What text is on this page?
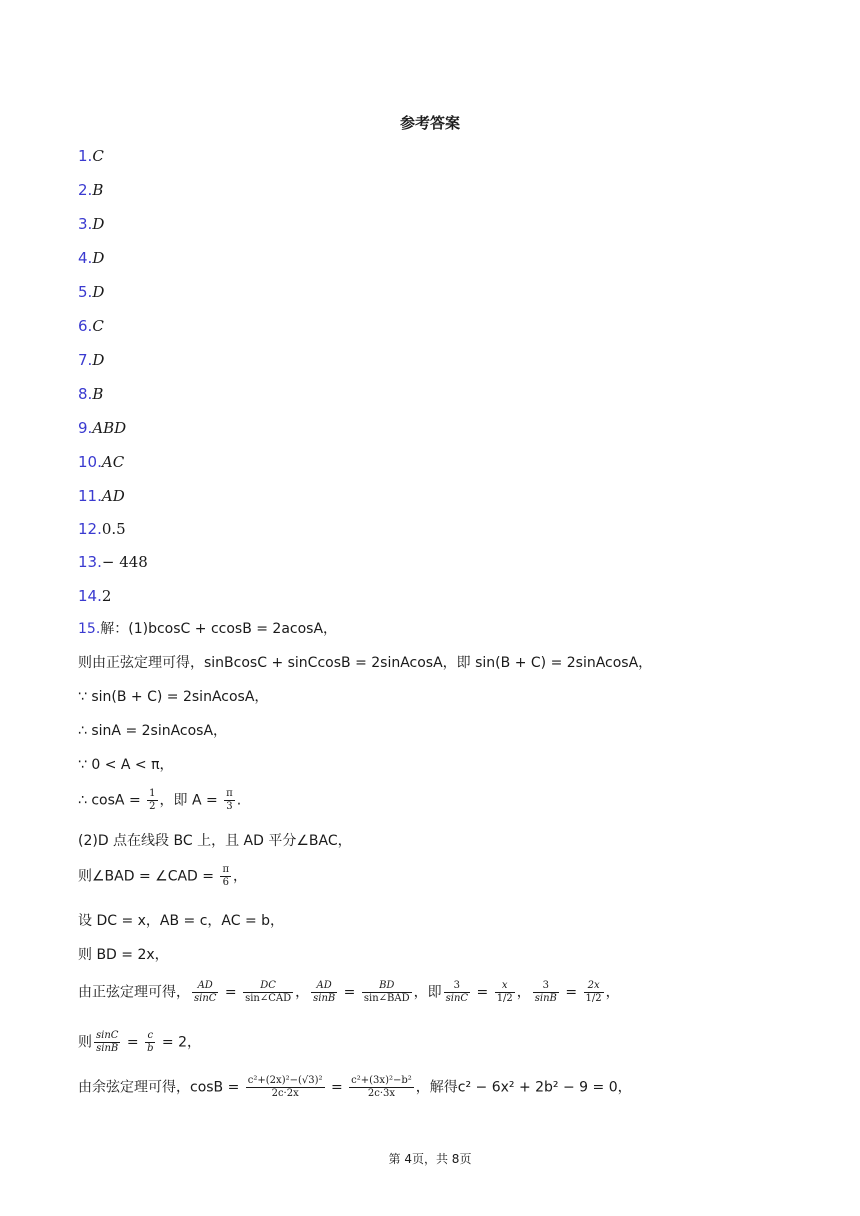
参考答案
1.C
2.B
3.D
4.D
5.D
6.C
7.D
8.B
9.ABD
10.AC
11.AD
12.0.5
13.− 448
14.2
15.解：(1)bcosC + ccosB = 2acosA，
则由正弦定理可得，sinBcosC + sinCcosB = 2sinAcosA，即 sin(B + C) = 2sinAcosA，
∵ sin(B + C) = 2sinAcosA，
∴ sinA = 2sinAcosA，
∵ 0 < A < π，
∴ $\cos A = \frac{1}{2}$ ，即 $A = \frac{\pi}{3}$ .
(2)D 点在线段 BC 上，且 AD 平分∠BAC，
则∠BAD = ∠CAD = $\frac{\pi}{6}$ ，
设 DC = x，AB = c，AC = b，
则 BD = 2x，
由正弦定理可得， $\frac{AD}{\sin C} = \frac{DC}{\text{sin∠CAD}}$ ， $\frac{AD}{\sin B} = \frac{BD}{\text{sin∠BAD}}$ ，即 $\frac{3}{\sin C} = \frac{x}{1/2}$ ， $\frac{3}{\sin B} = \frac{2x}{1/2}$ ，
则 $\frac{\sin C}{\sin B} = \frac{c}{b} = 2$，
由余弦定理可得，$\cos B = \frac{\text{c²+(2x)²−(√3)²}}{2c\cdot 2x} = \frac{\text{c²+(3x)²−b²}}{2c\cdot 3x}$ ，解得c² − 6x² + 2b² − 9 = 0，
第 4页，共 8页
